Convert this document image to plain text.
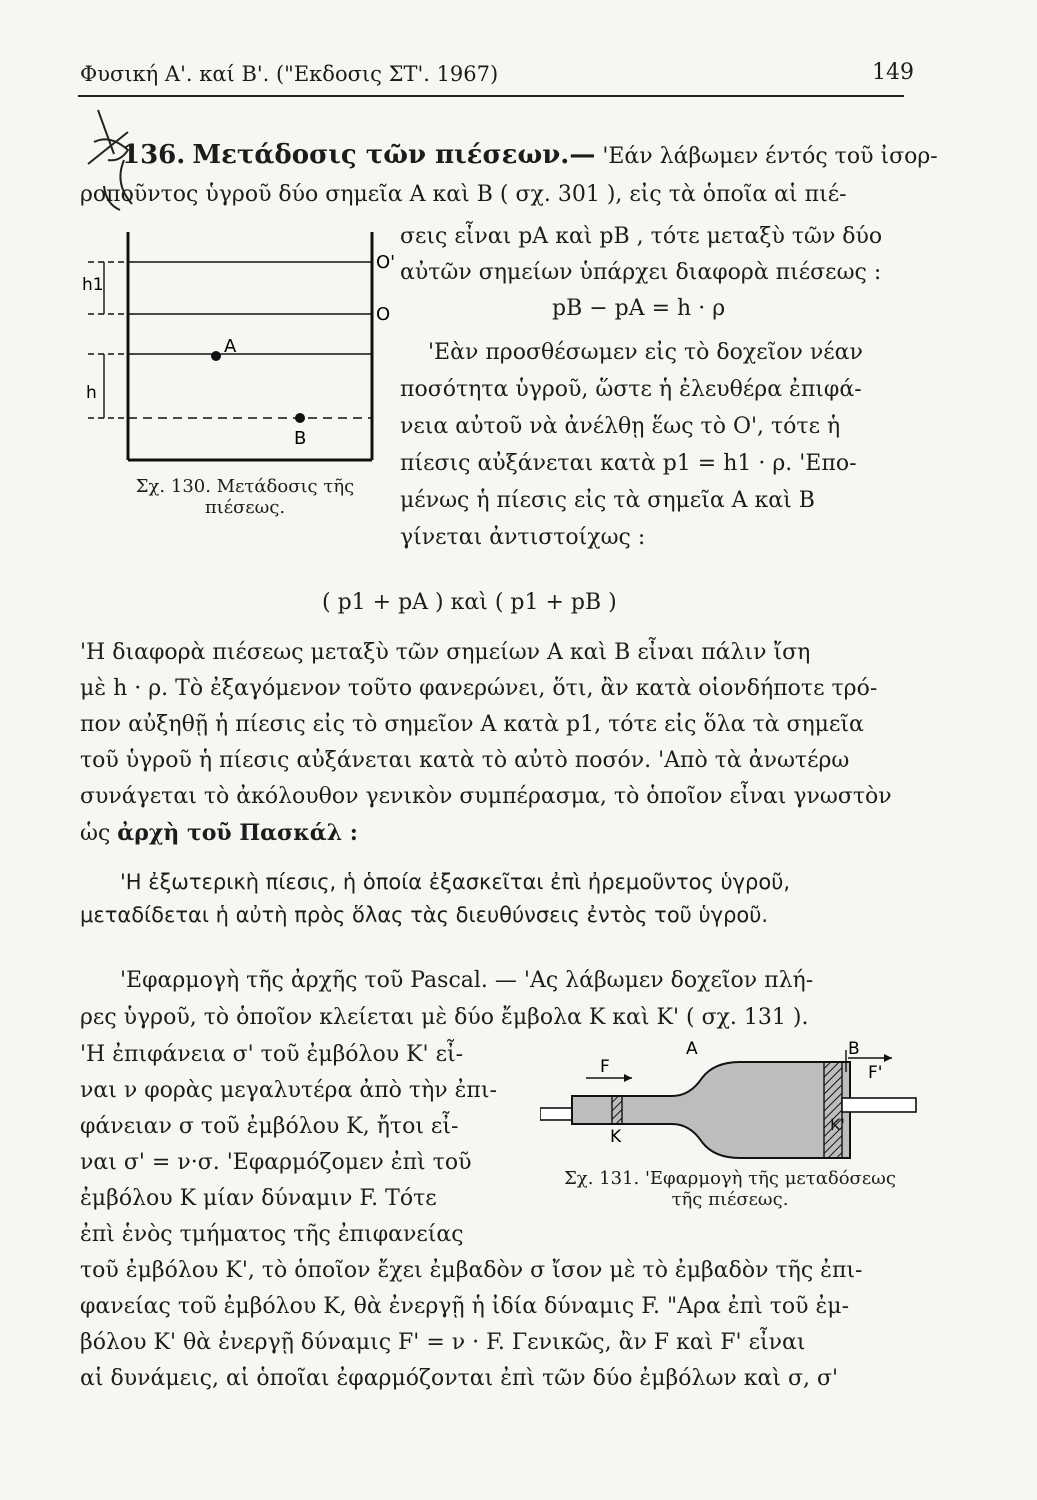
Φυσική Α'. καί Β'. ("Εκδοσις ΣΤ'. 1967)	149
136. Μετάδοσις τῶν πιέσεων.— 'Εάν λάβωμεν έντός τοῦ ἰσορ-
ροποῦντος ὑγροῦ δύο σημεῖα Α καὶ Β ( σχ. 301 ), εἰς τὰ ὁποῖα αἱ πιέ-
σεις εἶναι pA καὶ pB , τότε μεταξὺ τῶν δύο
αὐτῶν σημείων ὑπάρχει διαφορὰ πιέσεως :
h1
h
O'
O
A
B
Σχ. 130. Μετάδοσις τῆς
πιέσεως.
pB − pA = h · ρ
'Εὰν προσθέσωμεν εἰς τὸ δοχεῖον νέαν
ποσότητα ὑγροῦ, ὥστε ἡ ἐλευθέρα ἐπιφά-
νεια αὐτοῦ νὰ ἀνέλθῃ ἕως τὸ O', τότε ἡ
πίεσις αὐξάνεται κατὰ p1 = h1 · ρ. 'Επο-
μένως ἡ πίεσις εἰς τὰ σημεῖα Α καὶ Β
γίνεται ἀντιστοίχως :
( p1 + pA ) καὶ ( p1 + pB )
'Η διαφορὰ πιέσεως μεταξὺ τῶν σημείων Α καὶ Β εἶναι πάλιν ἴση
μὲ h · ρ. Τὸ ἐξαγόμενον τοῦτο φανερώνει, ὅτι, ἂν κατὰ οἱονδήποτε τρό-
πον αὐξηθῇ ἡ πίεσις εἰς τὸ σημεῖον Α κατὰ p1, τότε εἰς ὅλα τὰ σημεῖα
τοῦ ὑγροῦ ἡ πίεσις αὐξάνεται κατὰ τὸ αὐτὸ ποσόν. 'Απὸ τὰ ἀνωτέρω
συνάγεται τὸ ἀκόλουθον γενικὸν συμπέρασμα, τὸ ὁποῖον εἶναι γνωστὸν
ὡς ἀρχὴ τοῦ Πασκάλ :
'Η ἐξωτερικὴ πίεσις, ἡ ὁποία ἐξασκεῖται ἐπὶ ἠρεμοῦντος ὑγροῦ,
μεταδίδεται ἡ αὐτὴ πρὸς ὅλας τὰς διευθύνσεις ἐντὸς τοῦ ὑγροῦ.
'Εφαρμογὴ τῆς ἀρχῆς τοῦ Pascal. — 'Ας λάβωμεν δοχεῖον πλή-
ρες ὑγροῦ, τὸ ὁποῖον κλείεται μὲ δύο ἔμβολα Κ καὶ Κ' ( σχ. 131 ).
'Η ἐπιφάνεια σ' τοῦ ἐμβόλου Κ' εἶ-
ναι ν φορὰς μεγαλυτέρα ἀπὸ τὴν ἐπι-
φάνειαν σ τοῦ ἐμβόλου Κ, ἤτοι εἶ-
ναι σ' = ν·σ. 'Εφαρμόζομεν ἐπὶ τοῦ
ἐμβόλου Κ μίαν δύναμιν F. Τότε
ἐπὶ ἑνὸς τμήματος τῆς ἐπιφανείας
τοῦ ἐμβόλου Κ', τὸ ὁποῖον ἔχει ἐμβαδὸν σ ἴσον μὲ τὸ ἐμβαδὸν τῆς ἐπι-
φανείας τοῦ ἐμβόλου Κ, θὰ ἐνεργῇ ἡ ἰδία δύναμις F. "Αρα ἐπὶ τοῦ ἐμ-
βόλου Κ' θὰ ἐνεργῇ δύναμις F' = ν · F. Γενικῶς, ἂν F καὶ F' εἶναι
αἱ δυνάμεις, αἱ ὁποῖαι ἐφαρμόζονται ἐπὶ τῶν δύο ἐμβόλων καὶ σ, σ'
A	B
F	F'
K
K'
Σχ. 131. 'Εφαρμογὴ τῆς μεταδόσεως
τῆς πιέσεως.
